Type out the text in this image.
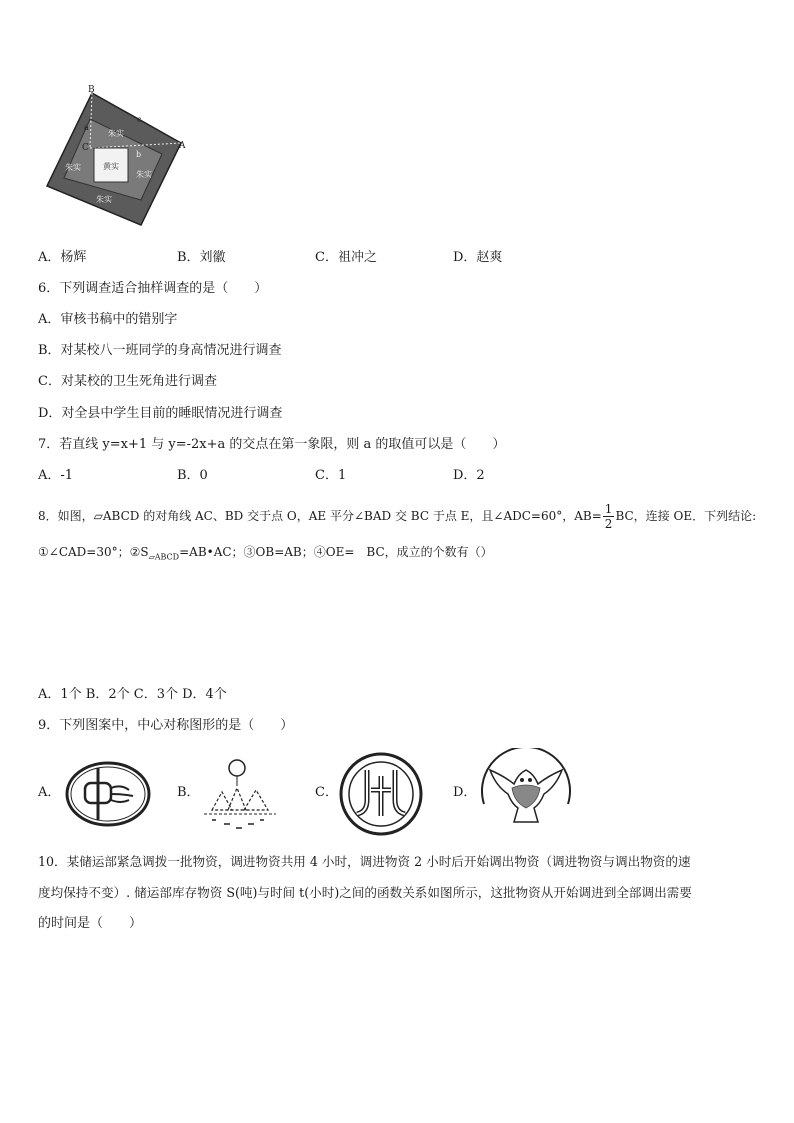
B
A
C
c
a
b
朱实
朱实	黄实
朱实
朱实
A．杨辉	B．刘徽	C．祖冲之	D．赵爽
6．下列调查适合抽样调查的是（　　）
A．审核书稿中的错别字
B．对某校八一班同学的身高情况进行调查
C．对某校的卫生死角进行调查
D．对全县中学生目前的睡眠情况进行调查
7．若直线 y=x+1 与 y=-2x+a 的交点在第一象限，则 a 的取值可以是（　　）
A．-1	B．0	C．1	D．2
8．如图，▱ABCD 的对角线 AC、BD 交于点 O，AE 平分∠BAD 交 BC 于点 E，且∠ADC=60°，$AB= \frac{1}{2}$ BC，连接 OE．下列结论:
①∠CAD=30°；$②S_{▱ABCD}=AB•AC$；③OB=AB；④OE=　BC，成立的个数有（）
A．1个 B．2个 C．3个 D．4个
9．下列图案中，中心对称图形的是（　　）
A．	B．	C．	D．
10．某储运部紧急调拨一批物资，调进物资共用 4 小时，调进物资 2 小时后开始调出物资（调进物资与调出物资的速
度均保持不变）. 储运部库存物资 S(吨)与时间 t(小时)之间的函数关系如图所示，这批物资从开始调进到全部调出需要
的时间是（　　）
